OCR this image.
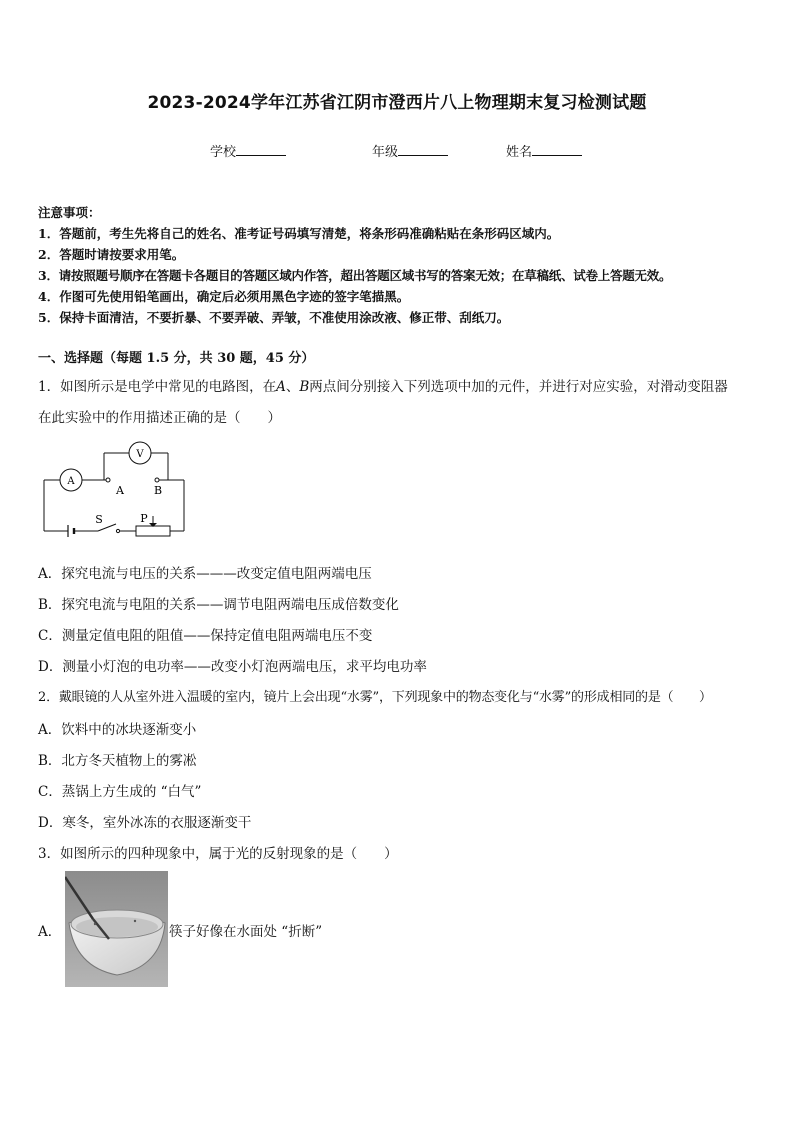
2023-2024学年江苏省江阴市澄西片八上物理期末复习检测试题
学校	年级	姓名
注意事项：
1．答题前，考生先将自己的姓名、准考证号码填写清楚，将条形码准确粘贴在条形码区域内。
2．答题时请按要求用笔。
3．请按照题号顺序在答题卡各题目的答题区域内作答，超出答题区域书写的答案无效；在草稿纸、试卷上答题无效。
4．作图可先使用铅笔画出，确定后必须用黑色字迹的签字笔描黑。
5．保持卡面清洁，不要折暴、不要弄破、弄皱，不准使用涂改液、修正带、刮纸刀。
一、选择题（每题 1.5 分，共 30 题，45 分）
1．如图所示是电学中常见的电路图，在A、B两点间分别接入下列选项中加的元件，并进行对应实验，对滑动变阻器
在此实验中的作用描述正确的是（　　）
A
V
A	B
S	P
A．探究电流与电压的关系———改变定值电阻两端电压
B．探究电流与电阻的关系——调节电阻两端电压成倍数变化
C．测量定值电阻的阻值——保持定值电阻两端电压不变
D．测量小灯泡的电功率——改变小灯泡两端电压，求平均电功率
2．戴眼镜的人从室外进入温暖的室内，镜片上会出现“水雾”，下列现象中的物态变化与“水雾”的形成相同的是（　　）
A．饮料中的冰块逐渐变小
B．北方冬天植物上的雾凇
C．蒸锅上方生成的 “白气”
D．寒冬，室外冰冻的衣服逐渐变干
3．如图所示的四种现象中，属于光的反射现象的是（　　）
A．	筷子好像在水面处 “折断”
